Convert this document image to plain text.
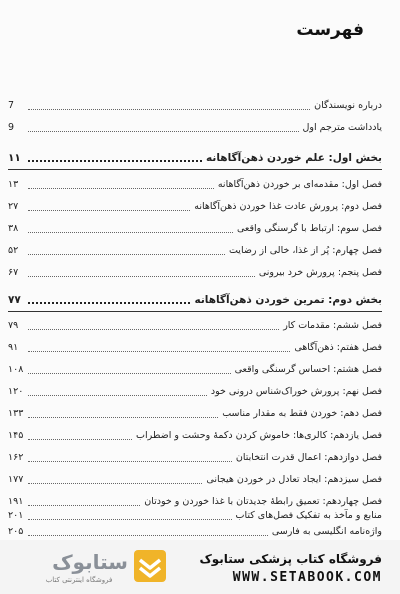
فهرست
درباره نویسندگان
7
یادداشت مترجم اول
9
بخش اول: علم خوردن ذهن‌آگاهانه
۱۱
فصل اول: مقدمه‌ای بر خوردن ذهن‌آگاهانه
۱۳
فصل دوم: پرورش عادت غذا خوردن ذهن‌آگاهانه
۲۷
فصل سوم: ارتباط با گرسنگی واقعی
۳۸
فصل چهارم: پُر از غذا، خالی از رضایت
۵۲
فصل پنجم: پرورش خرد بیرونی
۶۷
بخش دوم: تمرین خوردن ذهن‌آگاهانه
۷۷
فصل ششم: مقدمات کار
۷۹
فصل هفتم: ذهن‌آگاهی
۹۱
فصل هشتم: احساس گرسنگی واقعی
۱۰۸
فصل نهم: پرورش خوراک‌شناس درونی خود
۱۲۰
فصل دهم: خوردن فقط به مقدار مناسب
۱۳۳
فصل یازدهم: کالری‌ها: خاموش کردن دکمهٔ وحشت و اضطراب
۱۴۵
فصل دوازدهم: اعمال قدرت انتخابتان
۱۶۲
فصل سیزدهم: ایجاد تعادل در خوردن هیجانی
۱۷۷
فصل چهاردهم: تعمیق رابطهٔ جدیدتان با غذا خوردن و خودتان
۱۹۱
منابع و مآخذ به تفکیک فصل‌های کتاب
۲۰۱
واژه‌نامه انگلیسی به فارسی
۲۰۵
ستابوک
فروشگاه اینترنتی کتاب
فروشگاه کتاب پزشکی ستابوک
WWW.SETABOOK.COM
